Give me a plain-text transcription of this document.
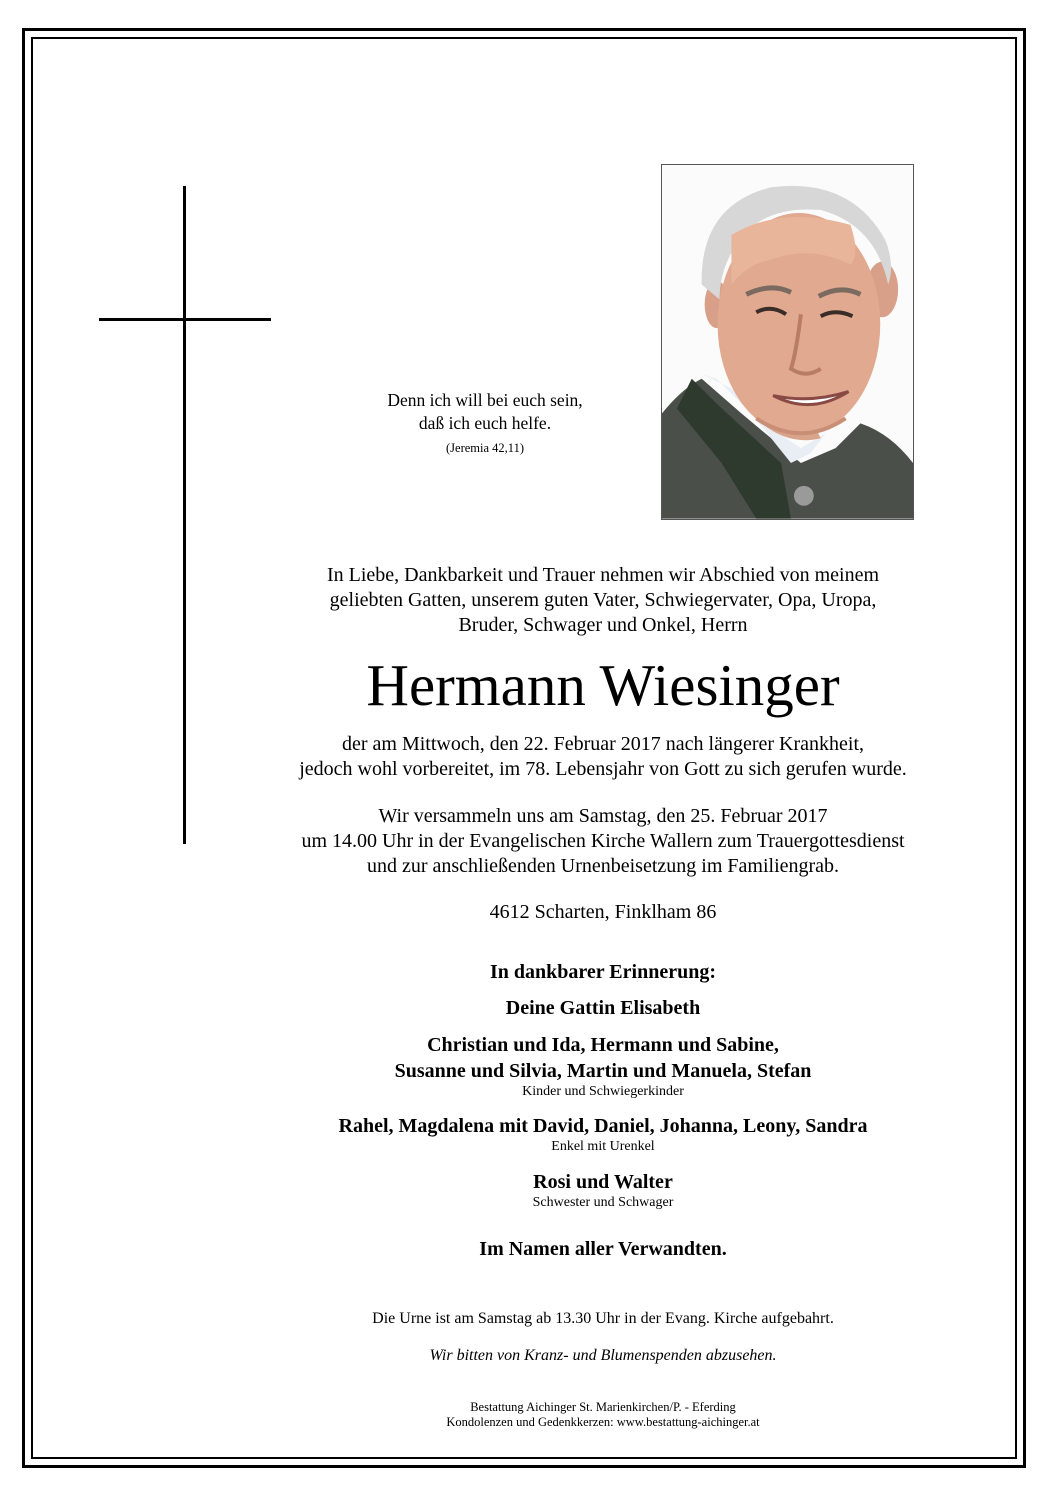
Denn ich will bei euch sein,
daß ich euch helfe.
(Jeremia 42,11)
In Liebe, Dankbarkeit und Trauer nehmen wir Abschied von meinem
geliebten Gatten, unserem guten Vater, Schwiegervater, Opa, Uropa,
Bruder, Schwager und Onkel, Herrn
Hermann Wiesinger
der am Mittwoch, den 22. Februar 2017 nach längerer Krankheit,
jedoch wohl vorbereitet, im 78. Lebensjahr von Gott zu sich gerufen wurde.
Wir versammeln uns am Samstag, den 25. Februar 2017
um 14.00 Uhr in der Evangelischen Kirche Wallern zum Trauergottesdienst
und zur anschließenden Urnenbeisetzung im Familiengrab.
4612 Scharten, Finklham 86
In dankbarer Erinnerung:
Deine Gattin Elisabeth
Christian und Ida, Hermann und Sabine,
Susanne und Silvia, Martin und Manuela, Stefan
Kinder und Schwiegerkinder
Rahel, Magdalena mit David, Daniel, Johanna, Leony, Sandra
Enkel mit Urenkel
Rosi und Walter
Schwester und Schwager
Im Namen aller Verwandten.
Die Urne ist am Samstag ab 13.30 Uhr in der Evang. Kirche aufgebahrt.
Wir bitten von Kranz- und Blumenspenden abzusehen.
Bestattung Aichinger St. Marienkirchen/P. - Eferding
Kondolenzen und Gedenkkerzen: www.bestattung-aichinger.at
